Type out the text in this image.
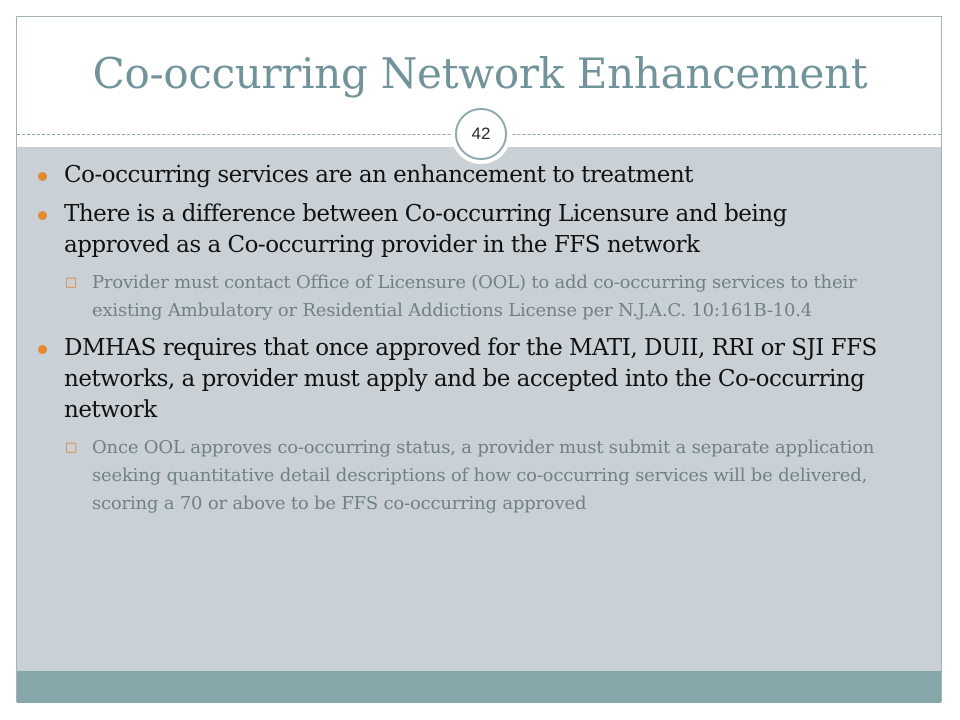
Co-occurring Network Enhancement
42
Co-occurring services are an enhancement to treatment
There is a difference between Co-occurring Licensure and being approved as a Co-occurring provider in the FFS network
□ Provider must contact Office of Licensure (OOL) to add co-occurring services to their existing Ambulatory or Residential Addictions License per N.J.A.C. 10:161B-10.4
DMHAS requires that once approved for the MATI, DUII, RRI or SJI FFS networks, a provider must apply and be accepted into the Co-occurring network
□ Once OOL approves co-occurring status, a provider must submit a separate application seeking quantitative detail descriptions of how co-occurring services will be delivered, scoring a 70 or above to be FFS co-occurring approved
